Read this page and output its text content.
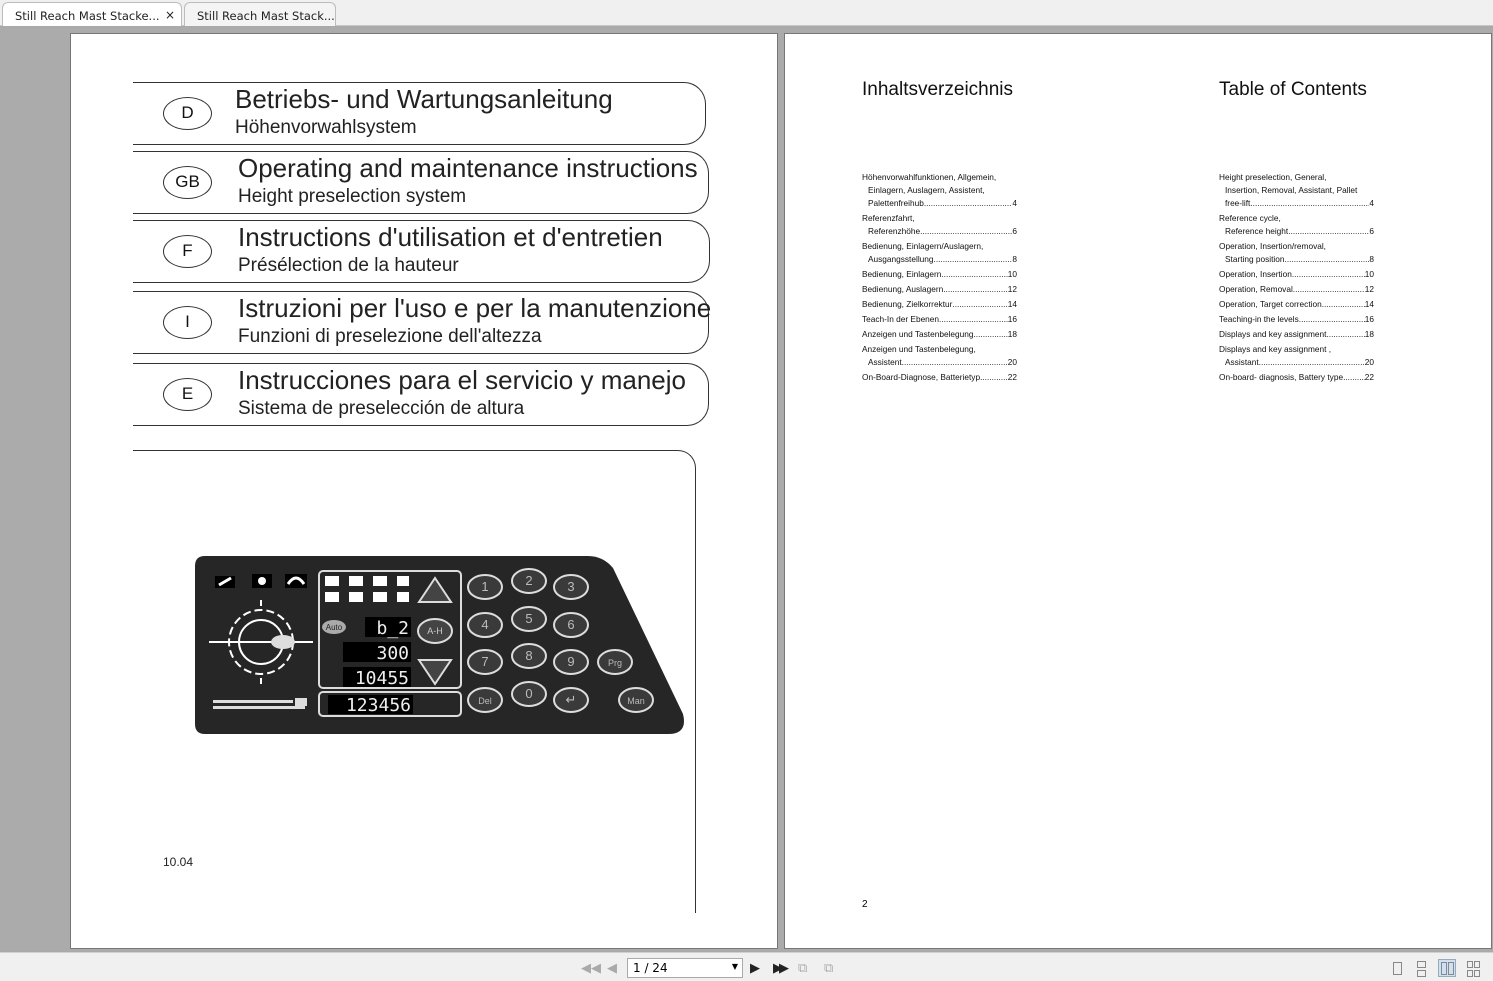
Still Reach Mast Stacke... ×	Still Reach Mast Stack...
D	Betriebs- und Wartungsanleitung
Höhenvorwahlsystem
GB	Operating and maintenance instructions
Height preselection system
F	Instructions d'utilisation et d'entretien
Présélection de la hauteur
I	Istruzioni per l'uso e per la manutenzione
Funzioni di preselezione dell'altezza
E	Instrucciones para el servicio y manejo
Sistema de preselección de altura
Auto b_2
300
10455
123456
A-H
1	2	3
4	5	6
7	8	9
0
Del	↵
Prg
Man
10.04
Inhaltsverzeichnis	Table of Contents
Höhenvorwahlfunktionen, Allgemein,
Einlagern, Auslagern, Assistent,
Palettenfreihub .....	4
Referenzfahrt,
Referenzhöhe .....	6
Bedienung, Einlagern/Auslagern,
Ausgangsstellung. .....	8
Bedienung, Einlagern .....	10
Bedienung, Auslagern .....	12
Bedienung, Zielkorrektur .....	14
Teach-In der Ebenen .....	16
Anzeigen und Tastenbelegung .....	18
Anzeigen und Tastenbelegung,
Assistent .....	20
On-Board-Diagnose, Batterietyp .....	22
Height preselection, General,
Insertion, Removal, Assistant, Pallet
free-lift .....	4
Reference cycle,
Reference height .....	6
Operation, Insertion/removal,
Starting position. .....	8
Operation, Insertion .....	10
Operation, Removal .....	12
Operation, Target correction .....	14
Teaching-in the levels .....	16
Displays and key assignment .....	18
Displays and key assignment ,
Assistant .....	20
On-board- diagnosis, Battery type .....	22
2
◀◀ ◀	1 / 24	▼ ▶ ▶▶ ⧉ ⧉
